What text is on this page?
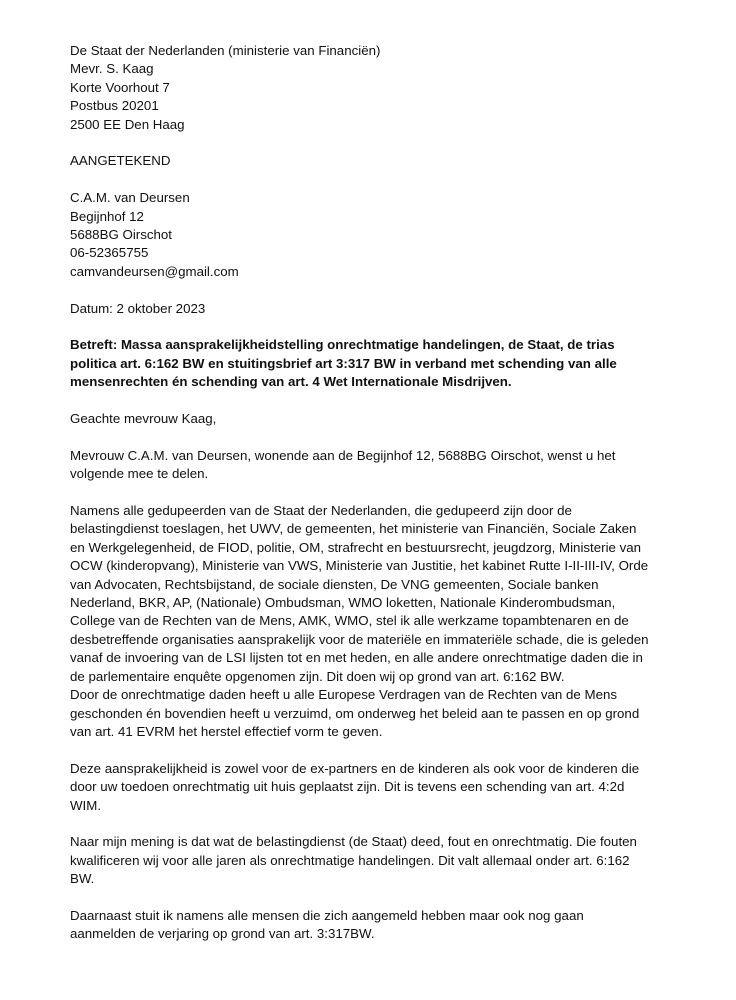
De Staat der Nederlanden (ministerie van Financiën)
Mevr. S. Kaag
Korte Voorhout 7
Postbus 20201
2500 EE Den Haag
AANGETEKEND
C.A.M. van Deursen
Begijnhof 12
5688BG Oirschot
06-52365755
camvandeursen@gmail.com
Datum: 2 oktober 2023
Betreft: Massa aansprakelijkheidstelling onrechtmatige handelingen, de Staat, de trias
politica art. 6:162 BW en stuitingsbrief art 3:317 BW in verband met schending van alle
mensenrechten én schending van art. 4 Wet Internationale Misdrijven.
Geachte mevrouw Kaag,
Mevrouw C.A.M. van Deursen, wonende aan de Begijnhof 12, 5688BG Oirschot, wenst u het
volgende mee te delen.
Namens alle gedupeerden van de Staat der Nederlanden, die gedupeerd zijn door de
belastingdienst toeslagen, het UWV, de gemeenten, het ministerie van Financiën, Sociale Zaken
en Werkgelegenheid, de FIOD, politie, OM, strafrecht en bestuursrecht, jeugdzorg, Ministerie van
OCW (kinderopvang), Ministerie van VWS, Ministerie van Justitie, het kabinet Rutte I-II-III-IV, Orde
van Advocaten, Rechtsbijstand, de sociale diensten, De VNG gemeenten, Sociale banken
Nederland, BKR, AP, (Nationale) Ombudsman, WMO loketten, Nationale Kinderombudsman,
College van de Rechten van de Mens, AMK, WMO, stel ik alle werkzame topambtenaren en de
desbetreffende organisaties aansprakelijk voor de materiële en immateriële schade, die is geleden
vanaf de invoering van de LSI lijsten tot en met heden, en alle andere onrechtmatige daden die in
de parlementaire enquête opgenomen zijn. Dit doen wij op grond van art. 6:162 BW.
Door de onrechtmatige daden heeft u alle Europese Verdragen van de Rechten van de Mens
geschonden én bovendien heeft u verzuimd, om onderweg het beleid aan te passen en op grond
van art. 41 EVRM het herstel effectief vorm te geven.
Deze aansprakelijkheid is zowel voor de ex-partners en de kinderen als ook voor de kinderen die
door uw toedoen onrechtmatig uit huis geplaatst zijn. Dit is tevens een schending van art. 4:2d
WIM.
Naar mijn mening is dat wat de belastingdienst (de Staat) deed, fout en onrechtmatig. Die fouten
kwalificeren wij voor alle jaren als onrechtmatige handelingen. Dit valt allemaal onder art. 6:162
BW.
Daarnaast stuit ik namens alle mensen die zich aangemeld hebben maar ook nog gaan
aanmelden de verjaring op grond van art. 3:317BW.
